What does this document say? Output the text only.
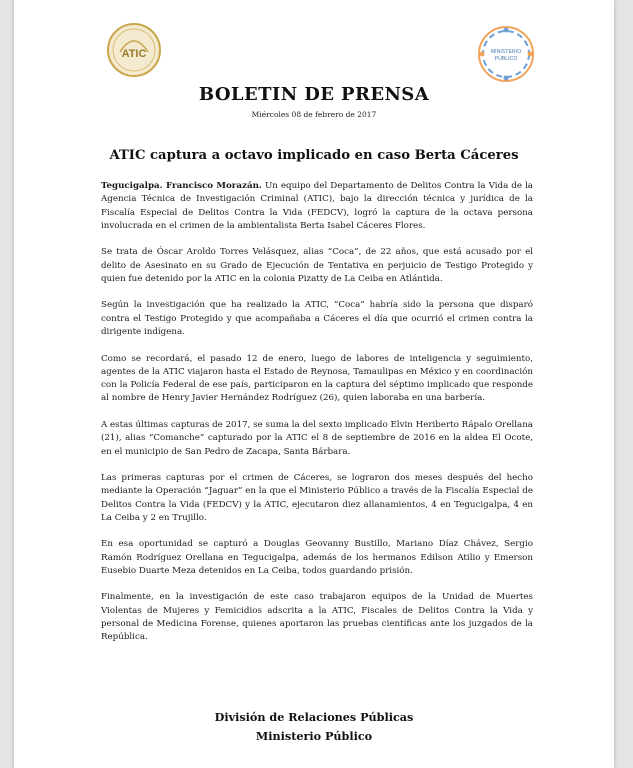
ATIC	MINISTERIO
PÚBLICO
BOLETIN DE PRENSA
Miércoles 08 de febrero de 2017
ATIC captura a octavo implicado en caso Berta Cáceres

Tegucigalpa. Francisco Morazán. Un equipo del Departamento de Delitos Contra la Vida de la Agencia Técnica de Investigación Criminal (ATIC), bajo la dirección técnica y jurídica de la Fiscalía Especial de Delitos Contra la Vida (FEDCV), logró la captura de la octava persona involucrada en el crimen de la ambientalista Berta Isabel Cáceres Flores.

Se trata de Óscar Aroldo Torres Velásquez, alias “Coca”, de 22 años, que está acusado por el delito de Asesinato en su Grado de Ejecución de Tentativa en perjuicio de Testigo Protegido y quien fue detenido por la ATIC en la colonia Pizatty de La Ceiba en Atlántida.

Según la investigación que ha realizado la ATIC, “Coca” habría sido la persona que disparó contra el Testigo Protegido y que acompañaba a Cáceres el día que ocurrió el crimen contra la dirigente indígena.

Como se recordará, el pasado 12 de enero, luego de labores de inteligencia y seguimiento, agentes de la ATIC viajaron hasta el Estado de Reynosa, Tamaulipas en México y en coordinación con la Policía Federal de ese país, participaron en la captura del séptimo implicado que responde al nombre de Henry Javier Hernández Rodríguez (26), quien laboraba en una barbería.

A estas últimas capturas de 2017, se suma la del sexto implicado Elvin Heriberto Rápalo Orellana (21), alias “Comanche” capturado por la ATIC el 8 de septiembre de 2016 en la aldea El Ocote, en el municipio de San Pedro de Zacapa, Santa Bárbara.

Las primeras capturas por el crimen de Cáceres, se lograron dos meses después del hecho mediante la Operación “Jaguar” en la que el Ministerio Público a través de la Fiscalía Especial de Delitos Contra la Vida (FEDCV) y la ATIC, ejecutaron diez allanamientos, 4 en Tegucigalpa, 4 en La Ceiba y 2 en Trujillo.

En esa oportunidad se capturó a Douglas Geovanny Bustillo, Mariano Díaz Chávez, Sergio Ramón Rodríguez Orellana en Tegucigalpa, además de los hermanos Edilson Atilio y Emerson Eusebio Duarte Meza detenidos en La Ceiba, todos guardando prisión.

Finalmente, en la investigación de este caso trabajaron equipos de la Unidad de Muertes Violentas de Mujeres y Femicidios adscrita a la ATIC, Fiscales de Delitos Contra la Vida y personal de Medicina Forense, quienes aportaron las pruebas científicas ante los juzgados de la República.

División de Relaciones Públicas
Ministerio Público
